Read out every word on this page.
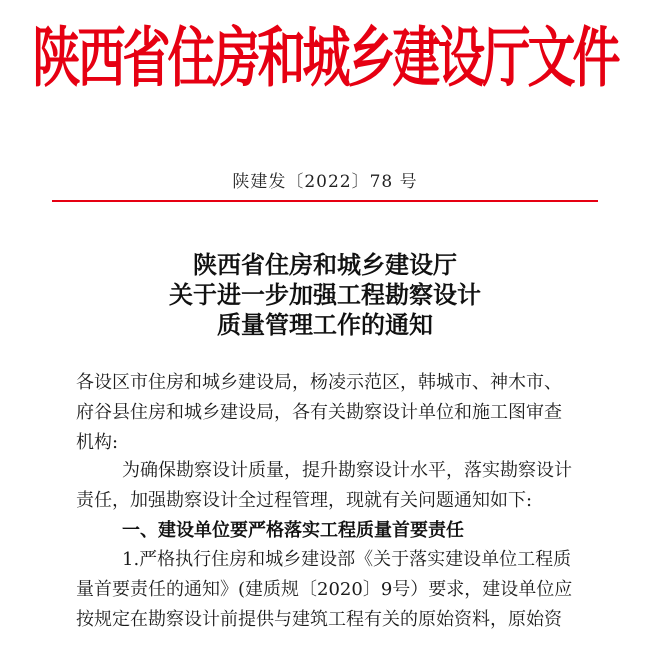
陕西省住房和城乡建设厅文件
陕建发〔2022〕78 号
陕西省住房和城乡建设厅
关于进一步加强工程勘察设计
质量管理工作的通知
各设区市住房和城乡建设局，杨凌示范区，韩城市、神木市、
府谷县住房和城乡建设局，各有关勘察设计单位和施工图审查
机构:
为确保勘察设计质量，提升勘察设计水平，落实勘察设计
责任，加强勘察设计全过程管理，现就有关问题通知如下:
一、建设单位要严格落实工程质量首要责任
1.严格执行住房和城乡建设部《关于落实建设单位工程质
量首要责任的通知》(建质规〔2020〕9号）要求，建设单位应
按规定在勘察设计前提供与建筑工程有关的原始资料，原始资
